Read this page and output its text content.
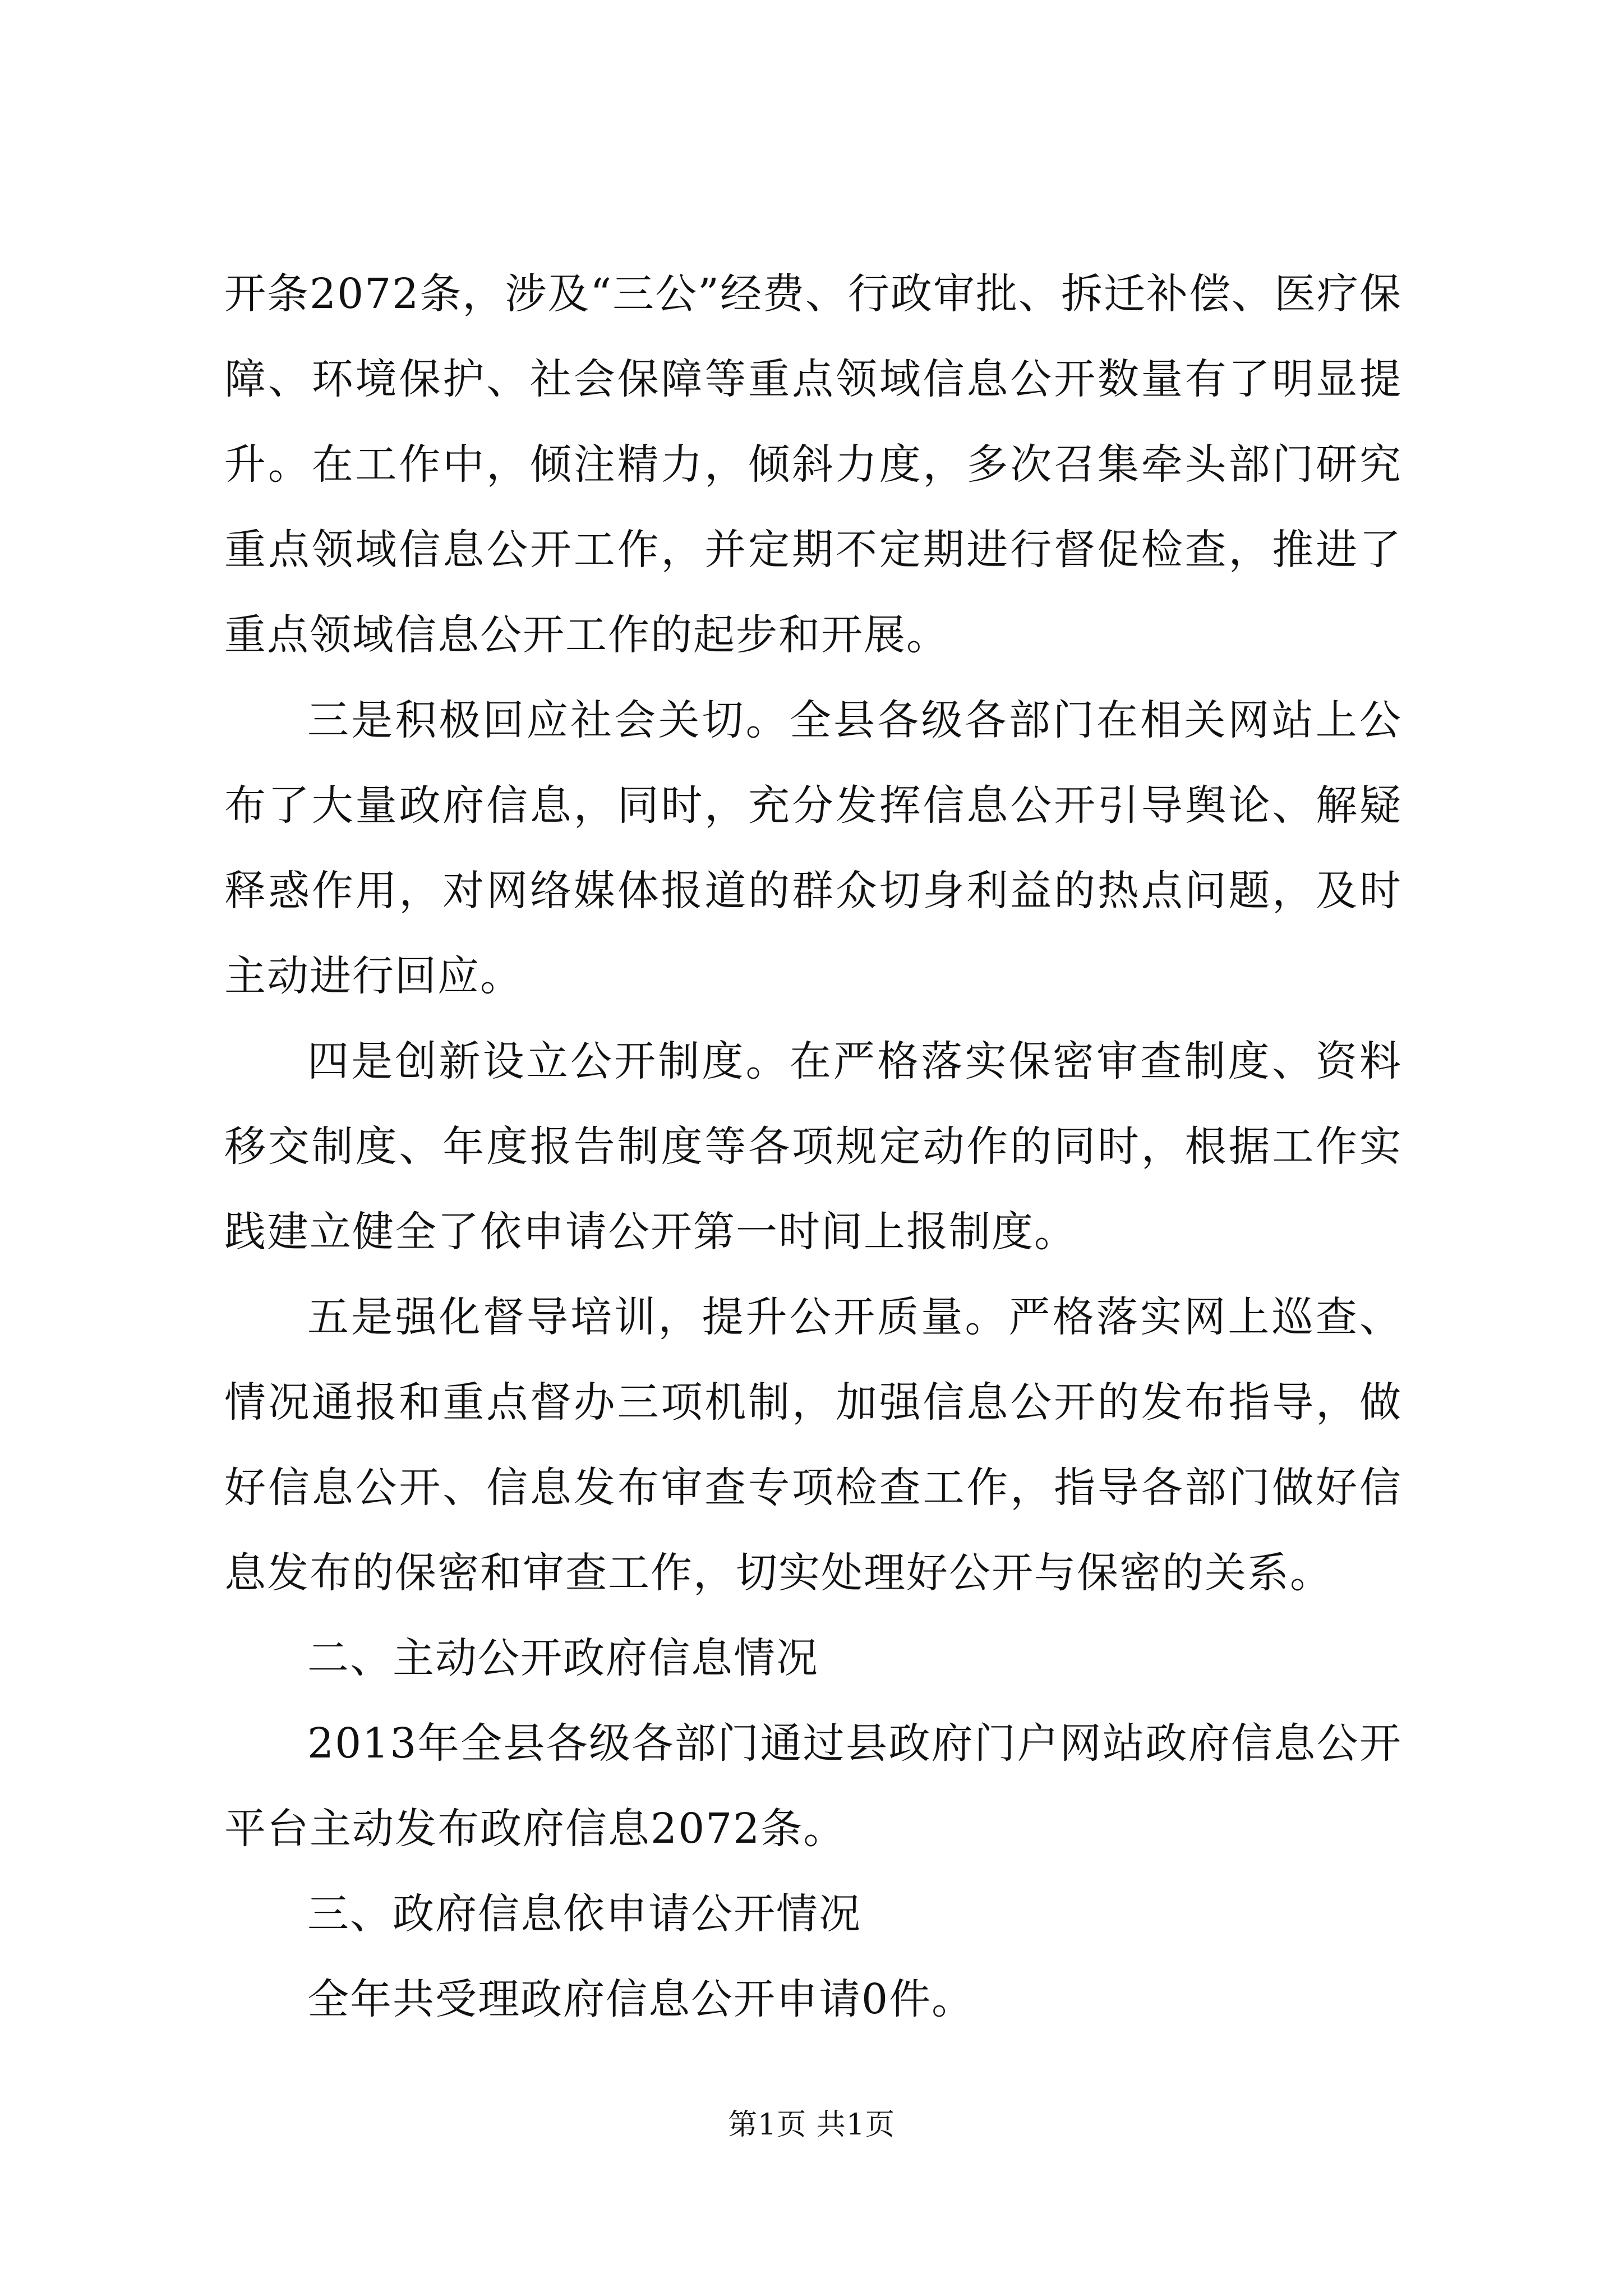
开条2072条，涉及“三公”经费、行政审批、拆迁补偿、医疗保障、环境保护、社会保障等重点领域信息公开数量有了明显提升。在工作中，倾注精力，倾斜力度，多次召集牵头部门研究重点领域信息公开工作，并定期不定期进行督促检查，推进了重点领域信息公开工作的起步和开展。

三是积极回应社会关切。全县各级各部门在相关网站上公布了大量政府信息，同时，充分发挥信息公开引导舆论、解疑释惑作用，对网络媒体报道的群众切身利益的热点问题，及时主动进行回应。

四是创新设立公开制度。在严格落实保密审查制度、资料移交制度、年度报告制度等各项规定动作的同时，根据工作实践建立健全了依申请公开第一时间上报制度。

五是强化督导培训，提升公开质量。严格落实网上巡查、情况通报和重点督办三项机制，加强信息公开的发布指导，做好信息公开、信息发布审查专项检查工作，指导各部门做好信息发布的保密和审查工作，切实处理好公开与保密的关系。

二、主动公开政府信息情况

2013年全县各级各部门通过县政府门户网站政府信息公开平台主动发布政府信息2072条。

三、政府信息依申请公开情况

全年共受理政府信息公开申请0件。

第1页 共1页
